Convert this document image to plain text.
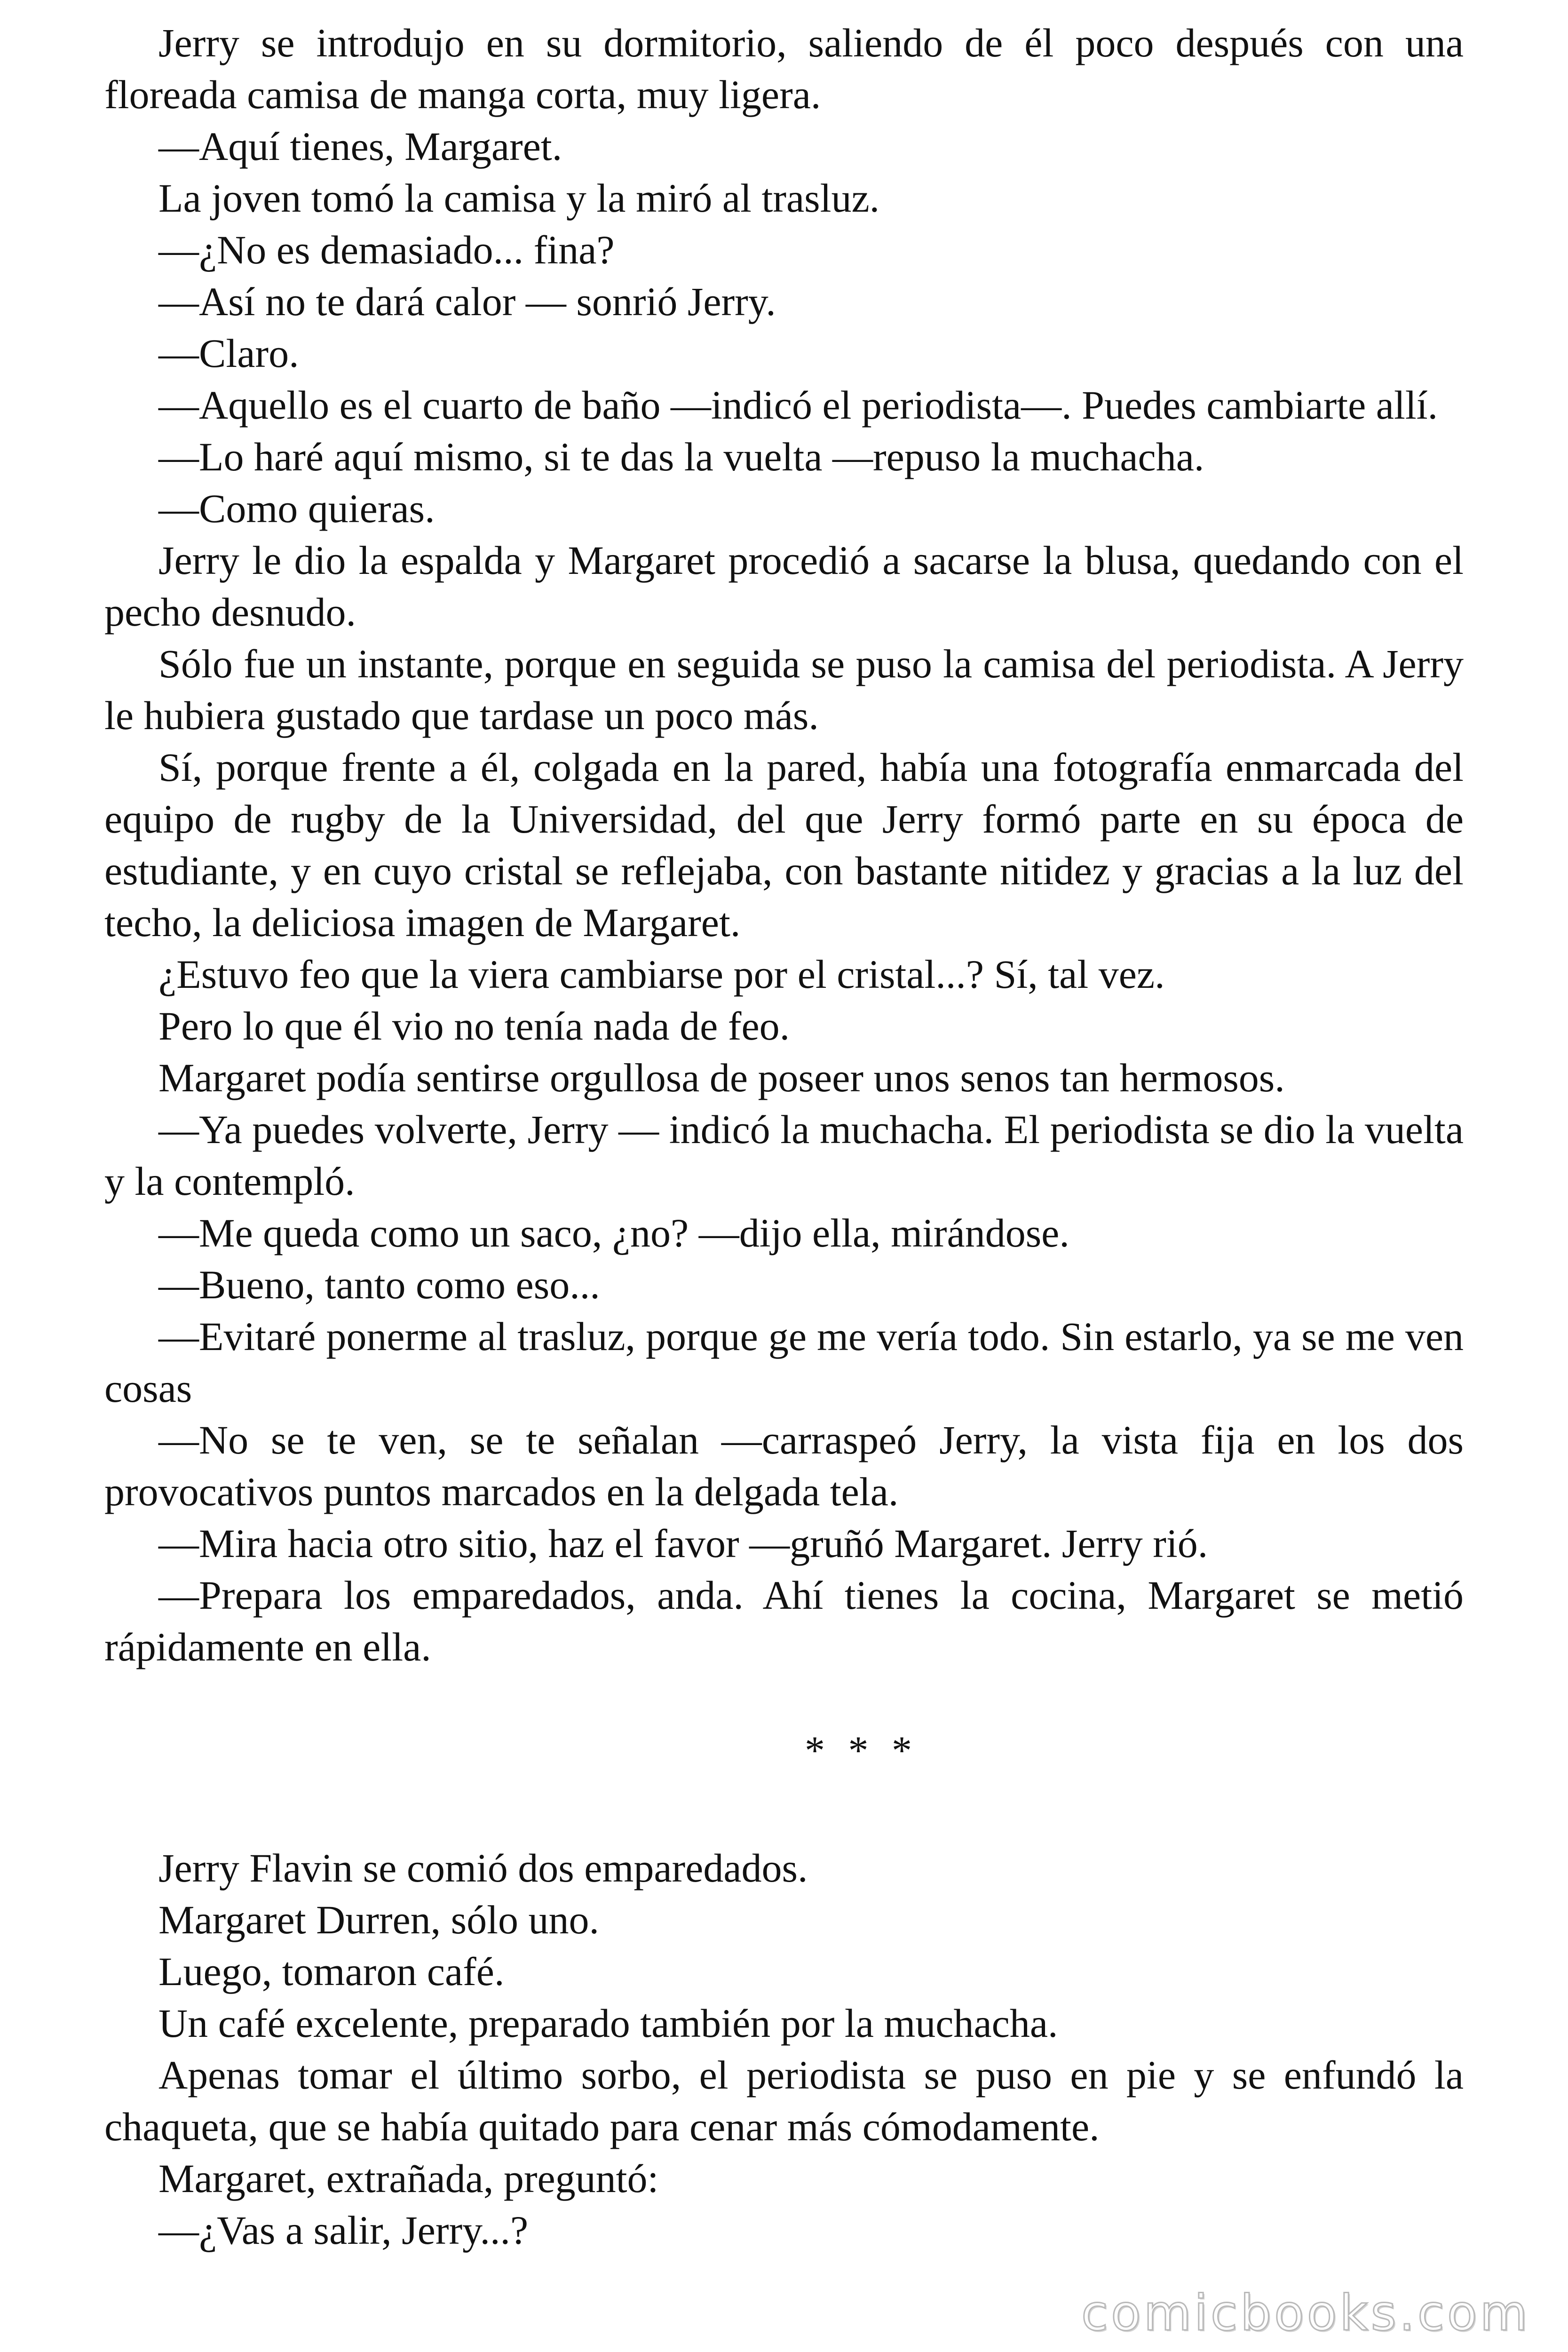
Jerry se introdujo en su dormitorio, saliendo de él poco después con una floreada camisa de manga corta, muy ligera.

—Aquí tienes, Margaret.

La joven tomó la camisa y la miró al trasluz.

—¿No es demasiado... fina?

—Así no te dará calor — sonrió Jerry.

—Claro.

—Aquello es el cuarto de baño —indicó el periodista—. Puedes cambiarte allí.

—Lo haré aquí mismo, si te das la vuelta —repuso la muchacha.

—Como quieras.

Jerry le dio la espalda y Margaret procedió a sacarse la blusa, quedando con el pecho desnudo.

Sólo fue un instante, porque en seguida se puso la camisa del periodista. A Jerry le hubiera gustado que tardase un poco más.

Sí, porque frente a él, colgada en la pared, había una fotografía enmarcada del equipo de rugby de la Universidad, del que Jerry formó parte en su época de estudiante, y en cuyo cristal se reflejaba, con bastante nitidez y gracias a la luz del techo, la deliciosa imagen de Margaret.

¿Estuvo feo que la viera cambiarse por el cristal...? Sí, tal vez.

Pero lo que él vio no tenía nada de feo.

Margaret podía sentirse orgullosa de poseer unos senos tan hermosos.

—Ya puedes volverte, Jerry — indicó la muchacha. El periodista se dio la vuelta y la contempló.

—Me queda como un saco, ¿no? —dijo ella, mirándose.

—Bueno, tanto como eso...

—Evitaré ponerme al trasluz, porque ge me vería todo. Sin estarlo, ya se me ven cosas

—No se te ven, se te señalan —carraspeó Jerry, la vista fija en los dos provocativos puntos marcados en la delgada tela.

—Mira hacia otro sitio, haz el favor —gruñó Margaret. Jerry rió.

—Prepara los emparedados, anda. Ahí tienes la cocina, Margaret se metió rápidamente en ella.

* * *

Jerry Flavin se comió dos emparedados.

Margaret Durren, sólo uno.

Luego, tomaron café.

Un café excelente, preparado también por la muchacha.

Apenas tomar el último sorbo, el periodista se puso en pie y se enfundó la chaqueta, que se había quitado para cenar más cómodamente.

Margaret, extrañada, preguntó:

—¿Vas a salir, Jerry...?

comicbooks.com
